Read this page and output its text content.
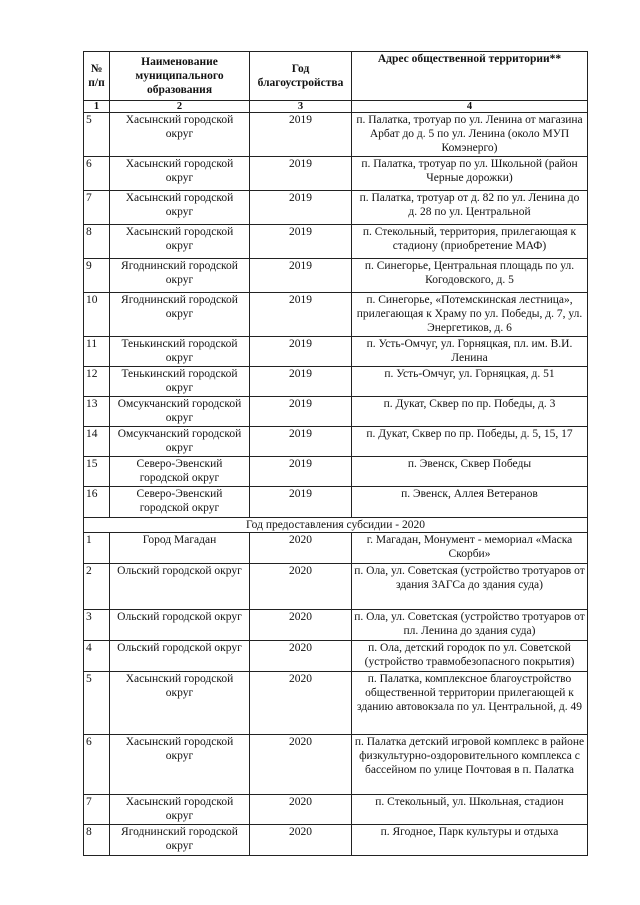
№ п/п	Наименование муниципального образования	Год благоустройства	Адрес общественной территории**
1	2	3	4
5	Хасынский городской округ	2019	п. Палатка, тротуар по ул. Ленина от магазина Арбат до д. 5 по ул. Ленина (около МУП Комэнерго)
6	Хасынский городской округ	2019	п. Палатка, тротуар по ул. Школьной (район Черные дорожки)
7	Хасынский городской округ	2019	п. Палатка, тротуар от д. 82 по ул. Ленина до д. 28 по ул. Центральной
8	Хасынский городской округ	2019	п. Стекольный, территория, прилегающая к стадиону (приобретение МАФ)
9	Ягоднинский городской округ	2019	п. Синегорье, Центральная площадь по ул. Когодовского, д. 5
10	Ягоднинский городской округ	2019	п. Синегорье, «Потемскинская лестница», прилегающая к Храму по ул. Победы, д. 7, ул. Энергетиков, д. 6
11	Тенькинский городской округ	2019	п. Усть-Омчуг, ул. Горняцкая, пл. им. В.И. Ленина
12	Тенькинский городской округ	2019	п. Усть-Омчуг, ул. Горняцкая, д. 51
13	Омсукчанский городской округ	2019	п. Дукат, Сквер по пр. Победы, д. 3
14	Омсукчанский городской округ	2019	п. Дукат, Сквер по пр. Победы, д. 5, 15, 17
15	Северо-Эвенский городской округ	2019	п. Эвенск, Сквер Победы
16	Северо-Эвенский городской округ	2019	п. Эвенск, Аллея Ветеранов
Год предоставления субсидии - 2020			
1	Город Магадан	2020	г. Магадан, Монумент - мемориал «Маска Скорби»
2	Ольский городской округ	2020	п. Ола, ул. Советская (устройство тротуаров от здания ЗАГСа до здания суда)
3	Ольский городской округ	2020	п. Ола, ул. Советская (устройство тротуаров от пл. Ленина до здания суда)
4	Ольский городской округ	2020	п. Ола, детский городок по ул. Советской (устройство травмобезопасного покрытия)
5	Хасынский городской округ	2020	п. Палатка, комплексное благоустройство общественной территории прилегающей к зданию автовокзала по ул. Центральной, д. 49
6	Хасынский городской округ	2020	п. Палатка детский игровой комплекс в районе физкультурно-оздоровительного комплекса с бассейном по улице Почтовая в п. Палатка
7	Хасынский городской округ	2020	п. Стекольный, ул. Школьная, стадион
8	Ягоднинский городской округ	2020	п. Ягодное, Парк культуры и отдыха
